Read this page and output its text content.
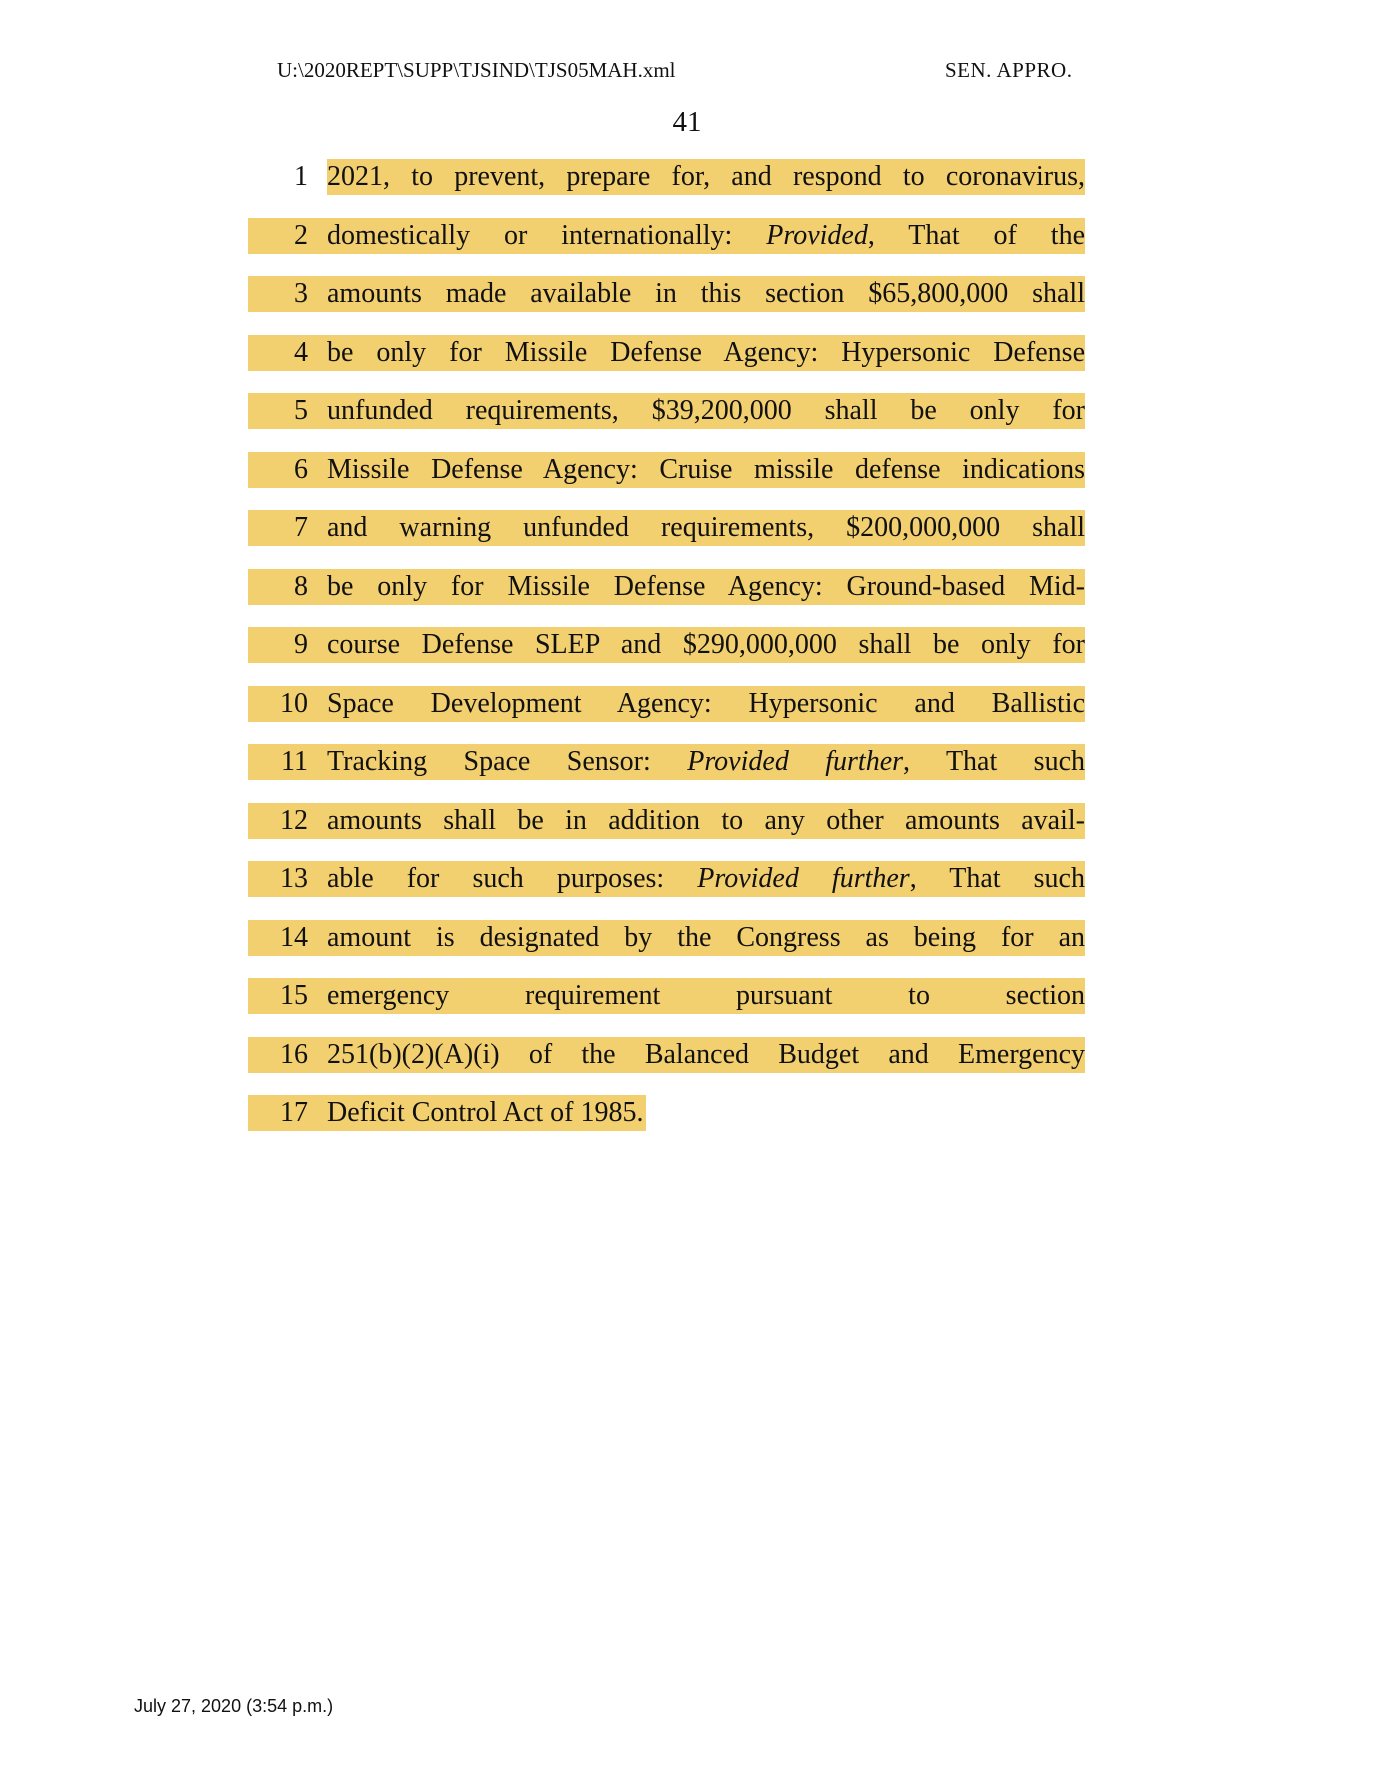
U:\2020REPT\SUPP\TJSIND\TJS05MAH.xml	SEN. APPRO.
41
1 2021, to prevent, prepare for, and respond to coronavirus,
2 domestically or internationally: Provided, That of the
3 amounts made available in this section $65,800,000 shall
4 be only for Missile Defense Agency: Hypersonic Defense
5 unfunded requirements, $39,200,000 shall be only for
6 Missile Defense Agency: Cruise missile defense indications
7 and warning unfunded requirements, $200,000,000 shall
8 be only for Missile Defense Agency: Ground-based Mid-
9 course Defense SLEP and $290,000,000 shall be only for
10 Space Development Agency: Hypersonic and Ballistic
11 Tracking Space Sensor: Provided further, That such
12 amounts shall be in addition to any other amounts avail-
13 able for such purposes: Provided further, That such
14 amount is designated by the Congress as being for an
15 emergency requirement pursuant to section
16 251(b)(2)(A)(i) of the Balanced Budget and Emergency
17 Deficit Control Act of 1985.
July 27, 2020 (3:54 p.m.)
